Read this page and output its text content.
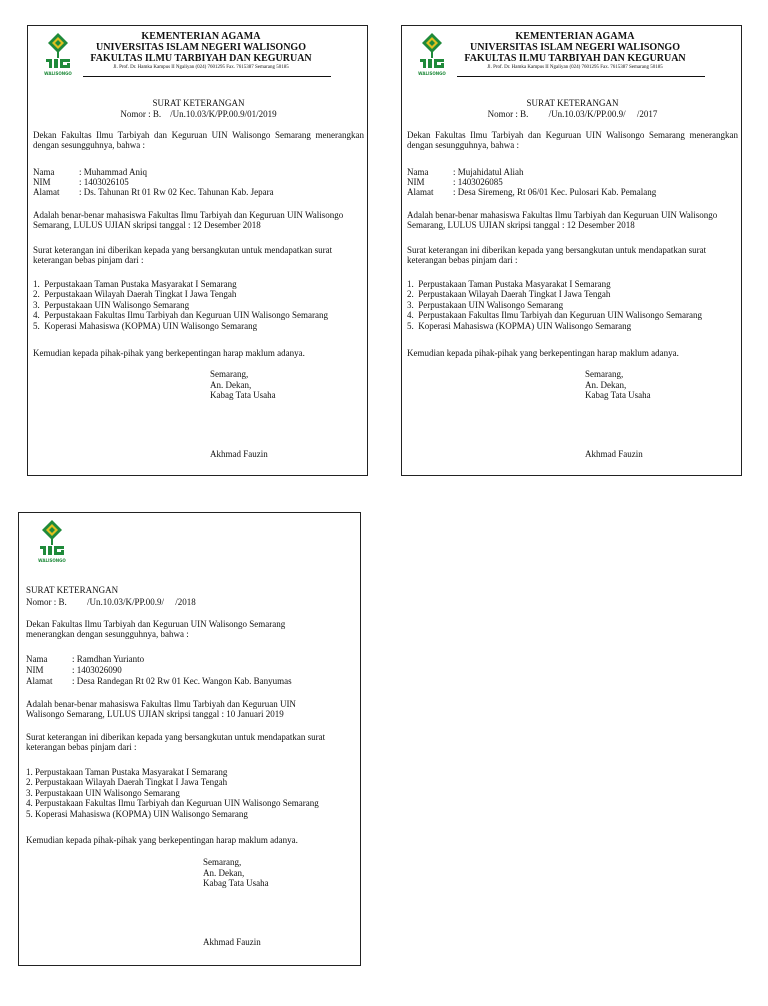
WALISONGO
KEMENTERIAN AGAMA
UNIVERSITAS ISLAM NEGERI WALISONGO
FAKULTAS ILMU TARBIYAH DAN KEGURUAN
Jl. Prof. Dr. Hamka Kampus II Ngaliyan (024) 7601295 Fax. 7615387 Semarang 50185
SURAT KETERANGAN
Nomor : B.    /Un.10.03/K/PP.00.9/01/2019
Dekan Fakultas Ilmu Tarbiyah dan Keguruan UIN Walisongo Semarang menerangkan dengan sesungguhnya, bahwa :
Nama	: Muhammad Aniq
NIM	: 1403026105
Alamat : Ds. Tahunan Rt 01 Rw 02 Kec. Tahunan Kab. Jepara
Adalah benar-benar mahasiswa Fakultas Ilmu Tarbiyah dan Keguruan UIN Walisongo Semarang, LULUS UJIAN skripsi tanggal : 12 Desember 2018
Surat keterangan ini diberikan kepada yang bersangkutan untuk mendapatkan surat keterangan bebas pinjam dari :
1.  Perpustakaan Taman Pustaka Masyarakat I Semarang
2.  Perpustakaan Wilayah Daerah Tingkat I Jawa Tengah
3.  Perpustakaan UIN Walisongo Semarang
4.  Perpustakaan Fakultas Ilmu Tarbiyah dan Keguruan UIN Walisongo Semarang
5.  Koperasi Mahasiswa (KOPMA) UIN Walisongo Semarang
Kemudian kepada pihak-pihak yang berkepentingan harap maklum adanya.
Semarang,
An. Dekan,
Kabag Tata Usaha
Akhmad Fauzin
WALISONGO
KEMENTERIAN AGAMA
UNIVERSITAS ISLAM NEGERI WALISONGO
FAKULTAS ILMU TARBIYAH DAN KEGURUAN
Jl. Prof. Dr. Hamka Kampus II Ngaliyan (024) 7601295 Fax. 7615387 Semarang 50185
SURAT KETERANGAN
Nomor : B.         /Un.10.03/K/PP.00.9/     /2017
Dekan Fakultas Ilmu Tarbiyah dan Keguruan UIN Walisongo Semarang menerangkan dengan sesungguhnya, bahwa :
Nama	: Mujahidatul Aliah
NIM	: 1403026085
Alamat : Desa Siremeng, Rt 06/01 Kec. Pulosari Kab. Pemalang
Adalah benar-benar mahasiswa Fakultas Ilmu Tarbiyah dan Keguruan UIN Walisongo Semarang, LULUS UJIAN skripsi tanggal : 12 Desember 2018
Surat keterangan ini diberikan kepada yang bersangkutan untuk mendapatkan surat keterangan bebas pinjam dari :
1.  Perpustakaan Taman Pustaka Masyarakat I Semarang
2.  Perpustakaan Wilayah Daerah Tingkat I Jawa Tengah
3.  Perpustakaan UIN Walisongo Semarang
4.  Perpustakaan Fakultas Ilmu Tarbiyah dan Keguruan UIN Walisongo Semarang
5.  Koperasi Mahasiswa (KOPMA) UIN Walisongo Semarang
Kemudian kepada pihak-pihak yang berkepentingan harap maklum adanya.
Semarang,
An. Dekan,
Kabag Tata Usaha
Akhmad Fauzin
WALISONGO
SURAT KETERANGAN
Nomor : B.         /Un.10.03/K/PP.00.9/     /2018
Dekan Fakultas Ilmu Tarbiyah dan Keguruan UIN Walisongo Semarang menerangkan dengan sesungguhnya, bahwa :
Nama	: Ramdhan Yurianto
NIM	: 1403026090
Alamat : Desa Randegan Rt 02 Rw 01 Kec. Wangon Kab. Banyumas
Adalah benar-benar mahasiswa Fakultas Ilmu Tarbiyah dan Keguruan UIN Walisongo Semarang, LULUS UJIAN skripsi tanggal : 10 Januari 2019
Surat keterangan ini diberikan kepada yang bersangkutan untuk mendapatkan surat keterangan bebas pinjam dari :
1. Perpustakaan Taman Pustaka Masyarakat I Semarang
2. Perpustakaan Wilayah Daerah Tingkat I Jawa Tengah
3. Perpustakaan UIN Walisongo Semarang
4. Perpustakaan Fakultas Ilmu Tarbiyah dan Keguruan UIN Walisongo Semarang
5. Koperasi Mahasiswa (KOPMA) UIN Walisongo Semarang
Kemudian kepada pihak-pihak yang berkepentingan harap maklum adanya.
Semarang,
An. Dekan,
Kabag Tata Usaha
Akhmad Fauzin
